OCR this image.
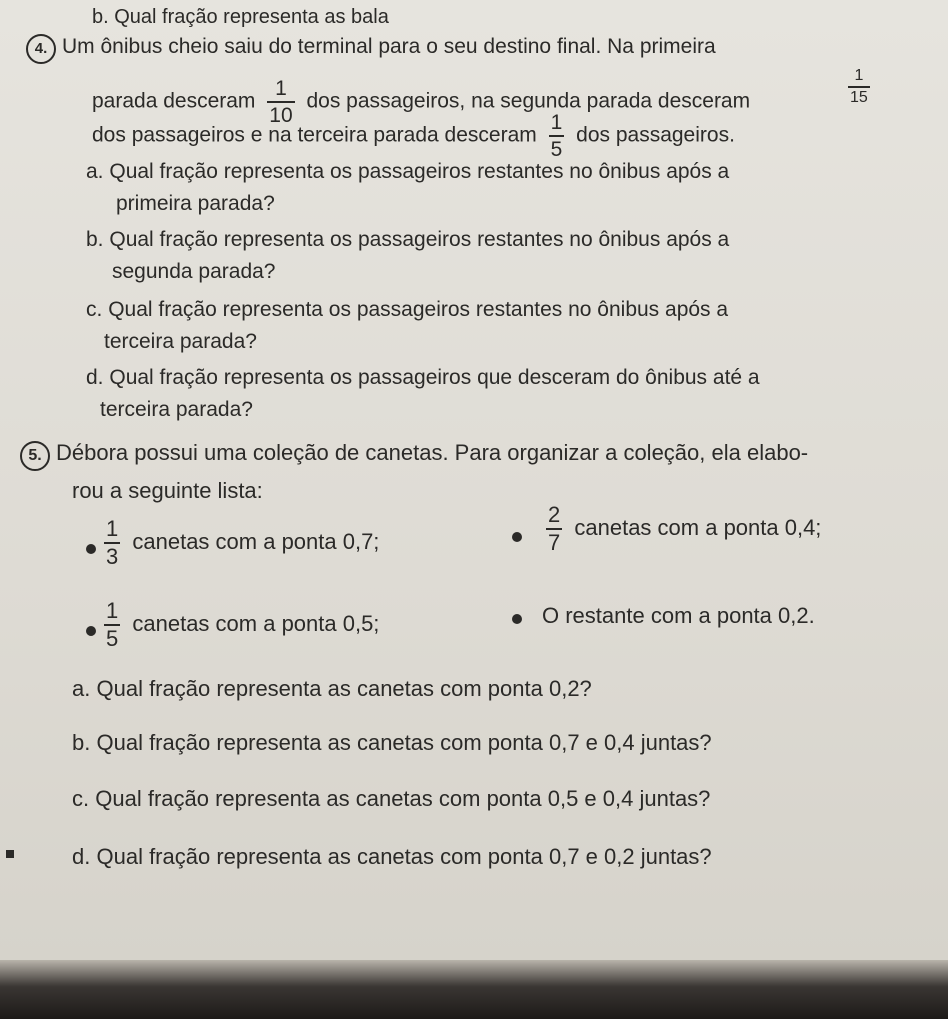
b. Qual fração representa as bala
4. Um ônibus cheio saiu do terminal para o seu destino final. Na primeira
parada desceram $\frac{1}{10}$ dos passageiros, na segunda parada desceram	$\frac{1}{15}$
dos passageiros e na terceira parada desceram $\frac{1}{5}$ dos passageiros.
a. Qual fração representa os passageiros restantes no ônibus após a
primeira parada?
b. Qual fração representa os passageiros restantes no ônibus após a
segunda parada?
c. Qual fração representa os passageiros restantes no ônibus após a
terceira parada?
d. Qual fração representa os passageiros que desceram do ônibus até a
terceira parada?
5. Débora possui uma coleção de canetas. Para organizar a coleção, ela elabo-
rou a seguinte lista:
$\frac{1}{3}$ canetas com a ponta 0,7;	$\frac{2}{7}$ canetas com a ponta 0,4;
$\frac{1}{5}$ canetas com a ponta 0,5;	O restante com a ponta 0,2.
a. Qual fração representa as canetas com ponta 0,2?
b. Qual fração representa as canetas com ponta 0,7 e 0,4 juntas?
c. Qual fração representa as canetas com ponta 0,5 e 0,4 juntas?
d. Qual fração representa as canetas com ponta 0,7 e 0,2 juntas?
